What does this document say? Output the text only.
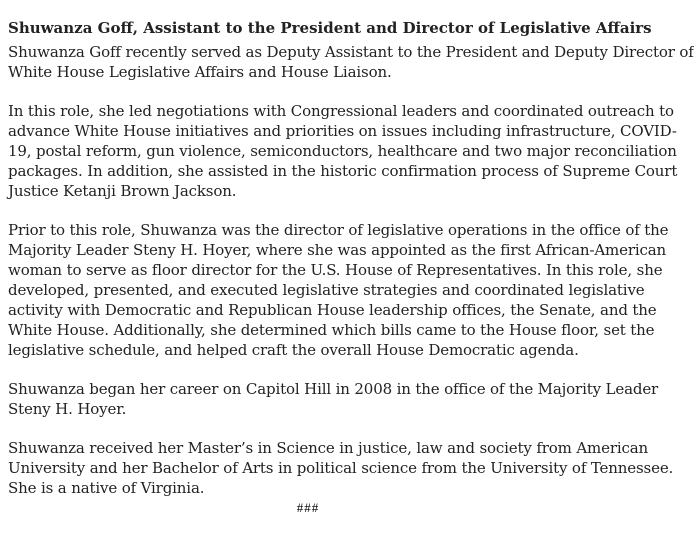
Shuwanza Goff, Assistant to the President and Director of Legislative Affairs
Shuwanza Goff recently served as Deputy Assistant to the President and Deputy Director of
White House Legislative Affairs and House Liaison.
In this role, she led negotiations with Congressional leaders and coordinated outreach to
advance White House initiatives and priorities on issues including infrastructure, COVID-
19, postal reform, gun violence, semiconductors, healthcare and two major reconciliation
packages. In addition, she assisted in the historic confirmation process of Supreme Court
Justice Ketanji Brown Jackson.
Prior to this role, Shuwanza was the director of legislative operations in the office of the
Majority Leader Steny H. Hoyer, where she was appointed as the first African-American
woman to serve as floor director for the U.S. House of Representatives. In this role, she
developed, presented, and executed legislative strategies and coordinated legislative
activity with Democratic and Republican House leadership offices, the Senate, and the
White House. Additionally, she determined which bills came to the House floor, set the
legislative schedule, and helped craft the overall House Democratic agenda.
Shuwanza began her career on Capitol Hill in 2008 in the office of the Majority Leader
Steny H. Hoyer.
Shuwanza received her Master’s in Science in justice, law and society from American
University and her Bachelor of Arts in political science from the University of Tennessee.
She is a native of Virginia.
###
